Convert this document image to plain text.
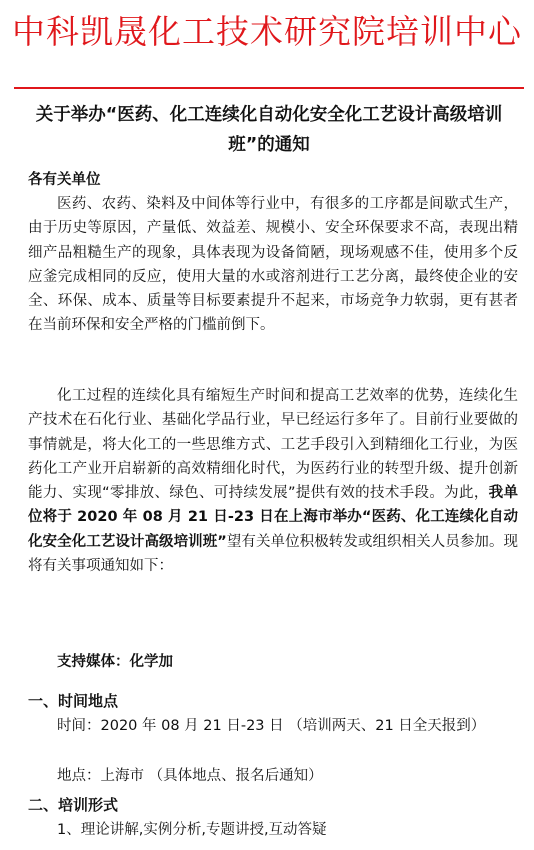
中科凯晟化工技术研究院培训中心
关于举办“医药、化工连续化自动化安全化工艺设计高级培训班”的通知
各有关单位
医药、农药、染料及中间体等行业中，有很多的工序都是间歇式生产，由于历史等原因，产量低、效益差、规模小、安全环保要求不高，表现出精细产品粗糙生产的现象，具体表现为设备简陋，现场观感不佳，使用多个反应釜完成相同的反应，使用大量的水或溶剂进行工艺分离，最终使企业的安全、环保、成本、质量等目标要素提升不起来，市场竞争力软弱，更有甚者在当前环保和安全严格的门槛前倒下。
化工过程的连续化具有缩短生产时间和提高工艺效率的优势，连续化生产技术在石化行业、基础化学品行业，早已经运行多年了。目前行业要做的事情就是，将大化工的一些思维方式、工艺手段引入到精细化工行业，为医药化工产业开启崭新的高效精细化时代，为医药行业的转型升级、提升创新能力、实现“零排放、绿色、可持续发展”提供有效的技术手段。为此，我单位将于 2020 年 08 月 21 日-23 日在上海市举办“医药、化工连续化自动化安全化工艺设计高级培训班”望有关单位积极转发或组织相关人员参加。现将有关事项通知如下：
支持媒体：化学加
一、时间地点
时间：2020 年 08 月 21 日-23 日 （培训两天、21 日全天报到）
地点：上海市 （具体地点、报名后通知）
二、培训形式
1、理论讲解,实例分析,专题讲授,互动答疑
